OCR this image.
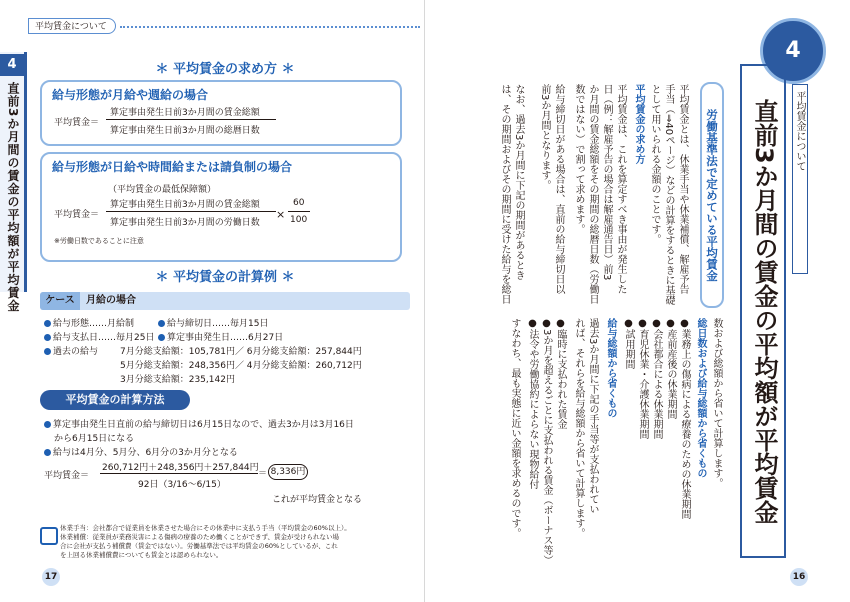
平均賃金について
4
直前3か月間の賃金の平均額が平均賃金
＊ 平均賃金の求め方 ＊
給与形態が月給や週給の場合
平均賃金＝
算定事由発生日前3か月間の賃金総額
算定事由発生日前3か月間の総暦日数
給与形態が日給や時間給または請負制の場合
（平均賃金の最低保障額）
平均賃金＝
算定事由発生日前3か月間の賃金総額
算定事由発生日前3か月間の労働日数
×
60
100
※労働日数であることに注意
＊ 平均賃金の計算例 ＊
ケース	月給の場合
給与形態……月給制	給与締切日……毎月15日
給与支払日……毎月25日	算定事由発生日……6月27日
過去の給与 7月分総支給額：105,781円／ 6月分総支給額：257,844円
5月分総支給額：248,356円／ 4月分総支給額：260,712円
3月分総支給額：235,142円
平均賃金の計算方法
算定事由発生日直前の給与締切日は6月15日なので、過去3か月は3月16日
から6月15日になる
給与は4月分、5月分、6月分の3か月分となる
平均賃金＝
260,712円＋248,356円＋257,844円
92日（3/16〜6/15）
＝ 8,336円
これが平均賃金となる
休業手当：会社都合で従業員を休業させた場合にその休業中に支払う手当（平均賃金の60%以上）。
休業補償：従業員が業務災害による傷病の療養のため働くことができず、賃金が受けられない場
合に会社が支払う補償費（賃金ではない）。労働基準法では平均賃金の60%としているが、これ
を上回る休業補償費についても賃金とは認められない。
17
4
平均賃金について
直前3か月間の賃金の平均額が平均賃金
労働基準法で定めている平均賃金
平均賃金とは、休業手当や休業補償、解雇予告
手当（⇒40ページ）などの計算をするときに基礎
として用いられる金額のことです。
平均賃金の求め方
平均賃金は、これを算定すべき事由が発生した
日（例：解雇予告の場合は解雇通告日）前3
か月間の賃金総額をその期間の総暦日数（労働日
数ではない）で割って求めます。
給与締切日がある場合は、直前の給与締切日以
前3か月間となります。
なお、過去3か月間に下記の期間があるとき
は、その期間およびその期間に受けた給与を総日
数および総額から省いて計算します。
総日数および給与総額から省くもの
●業務上の傷病による療養のための休業期間
●産前産後の休業期間
●会社都合による休業期間
●育児休業・介護休業期間
●試用期間
給与総額から省くもの
過去3か月間に下記の手当等が支払われてい
れば、それらを給与総額から省いて計算します。
●臨時に支払われた賃金
●3か月を超えるごとに支払われる賃金（ボーナス等）
●法令や労働協約によらない現物給付
すなわち、最も実態に近い金額を求めるのです。
16
